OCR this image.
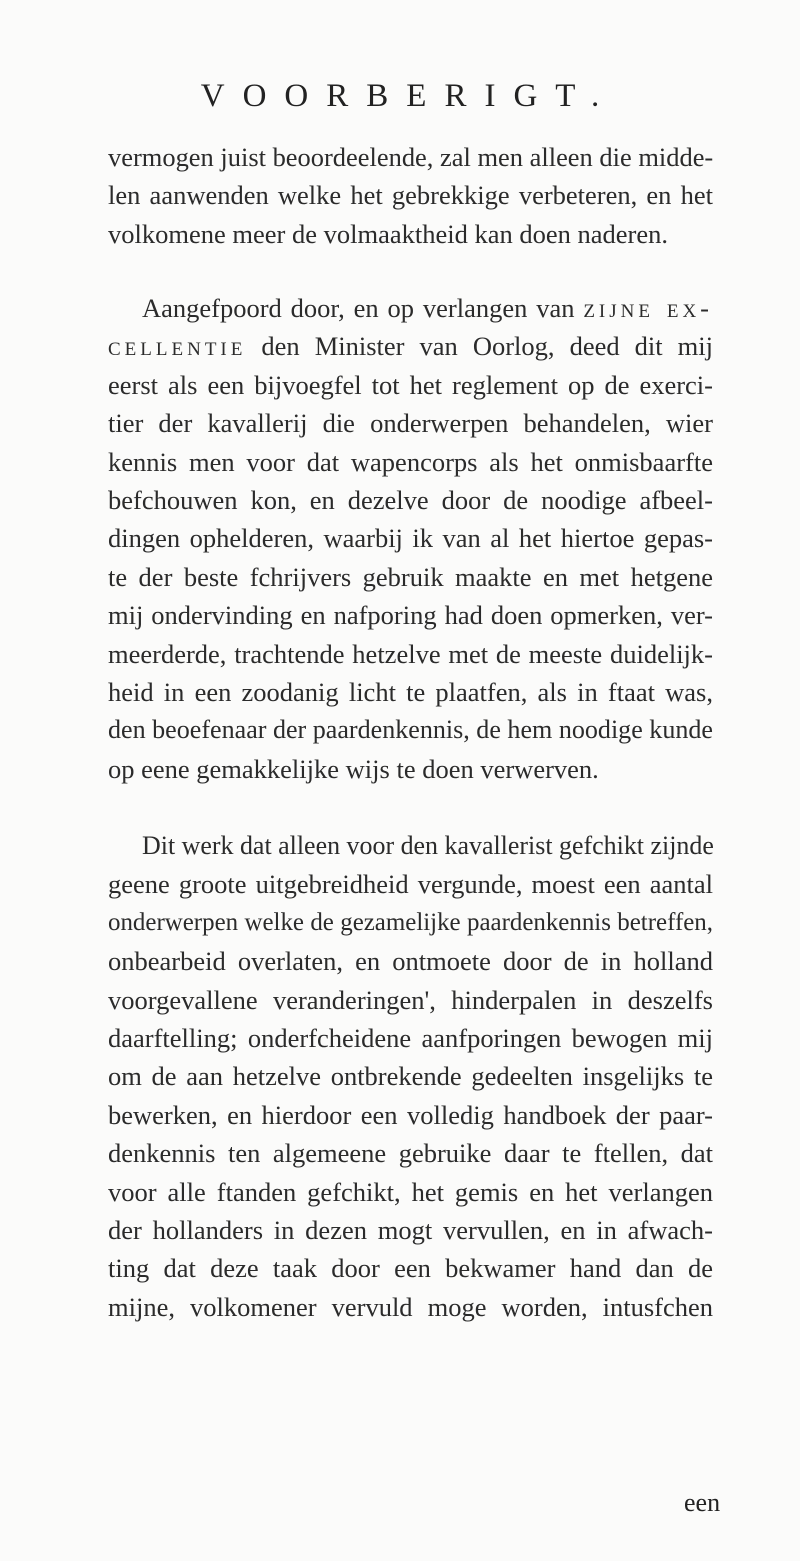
VOORBERIGT.
vermogen juist beoordeelende, zal men alleen die midde-
len aanwenden welke het gebrekkige verbeteren, en het
volkomene meer de volmaaktheid kan doen naderen.
Aangefpoord door, en op verlangen van zijne ex-
cellentie den Minister van Oorlog, deed dit mij
eerst als een bijvoegfel tot het reglement op de exerci-
tier der kavallerij die onderwerpen behandelen, wier
kennis men voor dat wapencorps als het onmisbaarfte
befchouwen kon, en dezelve door de noodige afbeel-
dingen ophelderen, waarbij ik van al het hiertoe gepas-
te der beste fchrijvers gebruik maakte en met hetgene
mij ondervinding en nafporing had doen opmerken, ver-
meerderde, trachtende hetzelve met de meeste duidelijk-
heid in een zoodanig licht te plaatfen, als in ftaat was,
den beoefenaar der paardenkennis, de hem noodige kunde
op eene gemakkelijke wijs te doen verwerven.
Dit werk dat alleen voor den kavallerist gefchikt zijnde
geene groote uitgebreidheid vergunde, moest een aantal
onderwerpen welke de gezamelijke paardenkennis betreffen,
onbearbeid overlaten, en ontmoete door de in holland
voorgevallene veranderingen', hinderpalen in deszelfs
daarftelling; onderfcheidene aanfporingen bewogen mij
om de aan hetzelve ontbrekende gedeelten insgelijks te
bewerken, en hierdoor een volledig handboek der paar-
denkennis ten algemeene gebruike daar te ftellen, dat
voor alle ftanden gefchikt, het gemis en het verlangen
der hollanders in dezen mogt vervullen, en in afwach-
ting dat deze taak door een bekwamer hand dan de
mijne, volkomener vervuld moge worden, intusfchen
een
